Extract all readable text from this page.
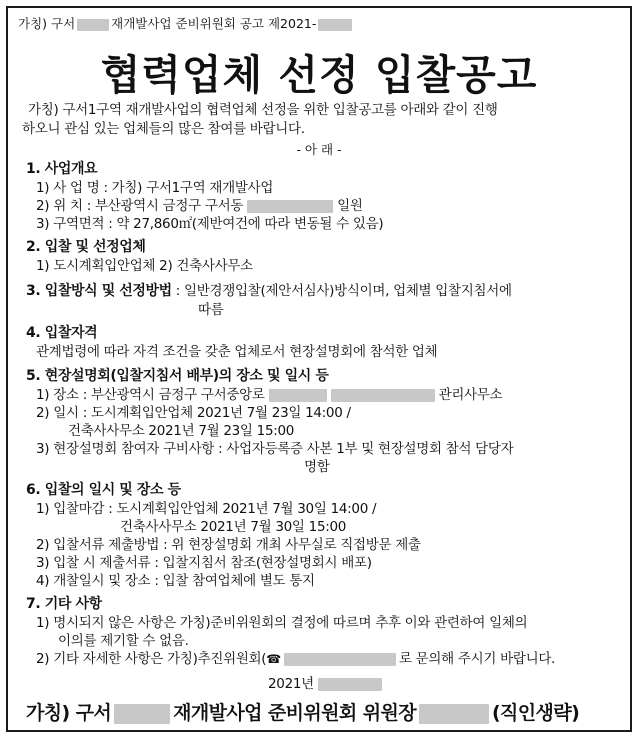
가칭) 구서	재개발사업 준비위원회 공고 제2021-
협력업체 선정 입찰공고
가칭) 구서1구역 재개발사업의 협력업체 선정을 위한 입찰공고를 아래와 같이 진행
하오니 관심 있는 업체들의 많은 참여를 바랍니다.
- 아 래 -
1. 사업개요
1) 사 업 명 : 가칭) 구서1구역 재개발사업
2) 위 치 : 부산광역시 금정구 구서동	일원
3) 구역면적 : 약 27,860㎡(제반여건에 따라 변동될 수 있음)
2. 입찰 및 선정업체
1) 도시계획입안업체 2) 건축사사무소
3. 입찰방식 및 선정방법 : 일반경쟁입찰(제안서심사)방식이며, 업체별 입찰지침서에
따름
4. 입찰자격
관계법령에 따라 자격 조건을 갖춘 업체로서 현장설명회에 참석한 업체
5. 현장설명회(입찰지침서 배부)의 장소 및 일시 등
1) 장소 : 부산광역시 금정구 구서중앙로	관리사무소
2) 일시 : 도시계획입안업체 2021년 7월 23일 14:00 /
건축사사무소 2021년 7월 23일 15:00
3) 현장설명회 참여자 구비사항 : 사업자등록증 사본 1부 및 현장설명회 참석 담당자
명함
6. 입찰의 일시 및 장소 등
1) 입찰마감 : 도시계획입안업체 2021년 7월 30일 14:00 /
건축사사무소 2021년 7월 30일 15:00
2) 입찰서류 제출방법 : 위 현장설명회 개최 사무실로 직접방문 제출
3) 입찰 시 제출서류 : 입찰지침서 참조(현장설명회시 배포)
4) 개찰일시 및 장소 : 입찰 참여업체에 별도 통지
7. 기타 사항
1) 명시되지 않은 사항은 가칭)준비위원회의 결정에 따르며 추후 이와 관련하여 일체의
이의를 제기할 수 없음.
2) 기타 자세한 사항은 가칭)추진위원회(☎	로 문의해 주시기 바랍니다.
2021년
가칭) 구서	재개발사업 준비위원회 위원장	(직인생략)
